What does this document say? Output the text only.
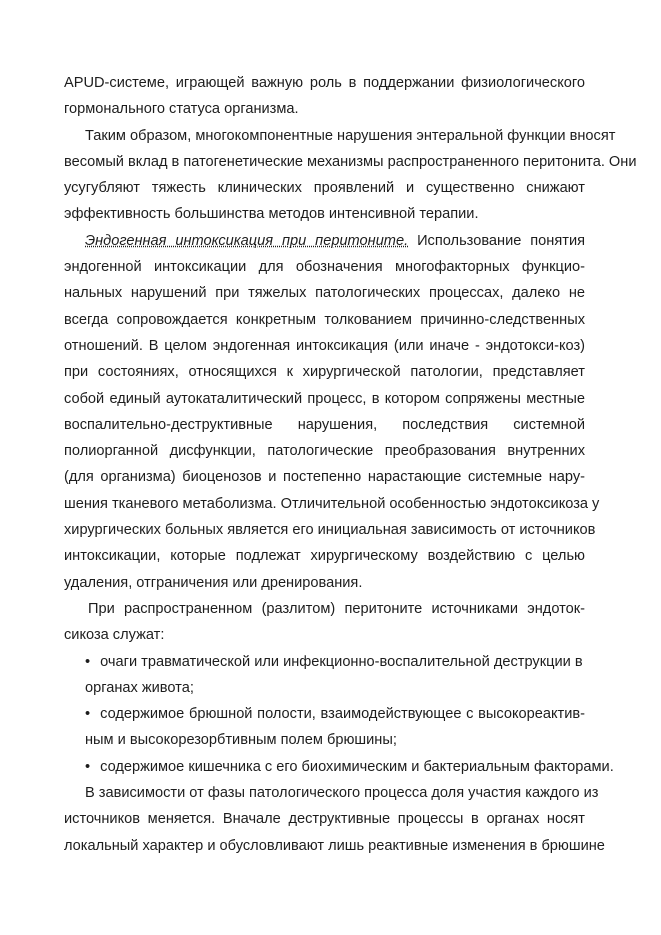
APUD-системе, играющей важную роль в поддержании физиологического
гормонального статуса организма.
Таким образом, многокомпонентные нарушения энтеральной функции вносят
весомый вклад в патогенетические механизмы распространенного перитонита. Они
усугубляют тяжесть клинических проявлений и существенно снижают
эффективность большинства методов интенсивной терапии.
Эндогенная интоксикация при перитоните. Использование понятия
эндогенной интоксикации для обозначения многофакторных функцио-
нальных нарушений при тяжелых патологических процессах, далеко не
всегда сопровождается конкретным толкованием причинно-следственных
отношений. В целом эндогенная интоксикация (или иначе - эндотокси-коз)
при состояниях, относящихся к хирургической патологии, представляет
собой единый аутокаталитический процесс, в котором сопряжены местные
воспалительно-деструктивные нарушения, последствия системной
полиорганной дисфункции, патологические преобразования внутренних
(для организма) биоценозов и постепенно нарастающие системные нару-
шения тканевого метаболизма. Отличительной особенностью эндотоксикоза у
хирургических больных является его инициальная зависимость от источников
интоксикации, которые подлежат хирургическому воздействию с целью
удаления, отграничения или дренирования.
При распространенном (разлитом) перитоните источниками эндоток-
сикоза служат:
• очаги травматической или инфекционно-воспалительной деструкции в
органах живота;
• содержимое брюшной полости, взаимодействующее с высокореактив-
ным и высокорезорбтивным полем брюшины;
• содержимое кишечника с его биохимическим и бактериальным факторами.
В зависимости от фазы патологического процесса доля участия каждого из
источников меняется. Вначале деструктивные процессы в органах носят
локальный характер и обусловливают лишь реактивные изменения в брюшине
